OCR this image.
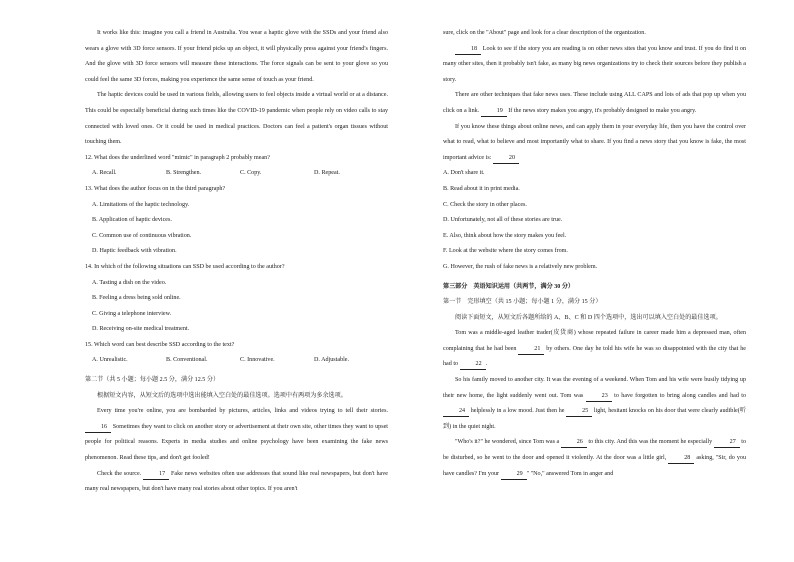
It works like this: imagine you call a friend in Australia. You wear a haptic glove with the SSDs and your friend also wears a glove with 3D force sensors. If your friend picks up an object, it will physically press against your friend's fingers. And the glove with 3D force sensors will measure these interactions. The force signals can be sent to your glove so you could feel the same 3D forces, making you experience the same sense of touch as your friend.

The haptic devices could be used in various fields, allowing users to feel objects inside a virtual world or at a distance. This could be especially beneficial during such times like the COVID-19 pandemic when people rely on video calls to stay connected with loved ones. Or it could be used in medical practices. Doctors can feel a patient's organ tissues without touching them.

12. What does the underlined word "mimic" in paragraph 2 probably mean?

A. Recall.	B. Strengthen.	C. Copy.	D. Repeat.

13. What does the author focus on in the third paragraph?

A. Limitations of the haptic technology.

B. Application of haptic devices.

C. Common use of continuous vibration.

D. Haptic feedback with vibration.

14. In which of the following situations can SSD be used according to the author?

A. Tasting a dish on the video.

B. Feeling a dress being sold online.

C. Giving a telephone interview.

D. Receiving on-site medical treatment.

15. Which word can best describe SSD according to the text?

A. Unrealistic.	B. Conventional.	C. Innovative.	D. Adjustable.

第二节（共 5 小题；每小题 2.5 分，满分 12.5 分）

根据短文内容，从短文后的选项中选出能填入空白处的最佳选项。选项中有两项为多余选项。

Every time you're online, you are bombarded by pictures, articles, links and videos trying to tell their stories. 16 Sometimes they want to click on another story or advertisement at their own site, other times they want to upset people for political reasons. Experts in media studies and online psychology have been examining the fake news phenomenon. Read these tips, and don't get fooled!

Check the source.	17 Fake news websites often use addresses that sound like real newspapers, but don't have many real newspapers, but don't have many real stories about other topics. If you aren't

sure, click on the "About" page and look for a clear description of the organization.

18 Look to see if the story you are reading is on other news sites that you know and trust. If you do find it on many other sites, then it probably isn't fake, as many big news organizations try to check their sources before they publish a story.

There are other techniques that fake news uses. These include using ALL CAPS and lots of ads that pop up when you click on a link.	19 If the news story makes you angry, it's probably designed to make you angry.

If you know these things about online news, and can apply them in your everyday life, then you have the control over what to read, what to believe and most importantly what to share. If you find a news story that you know is fake, the most important advice is:	20

A. Don't share it.

B. Read about it in print media.

C. Check the story in other places.

D. Unfortunately, not all of these stories are true.

E. Also, think about how the story makes you feel.

F. Look at the website where the story comes from.

G. However, the rush of fake news is a relatively new problem.

第三部分　英语知识运用（共两节，满分 30 分）

第一节　完形填空（共 15 小题；每小题 1 分，满分 15 分）

阅读下面短文，从短文后各题所给的 A、B、C 和 D 四个选项中，选出可以填入空白处的最佳选项。

Tom was a middle-aged leather trader(皮货商) whose repeated failure in career made him a depressed man, often complaining that he had been	21 by others. One day he told his wife he was so disappointed with the city that he had to	22 .

So his family moved to another city. It was the evening of a weekend. When Tom and his wife were busily tidying up their new home, the light suddenly went out. Tom was	23 to have forgotten to bring along candles and had to 24 helplessly in a low mood. Just then he	25 light, hesitant knocks on his door that were clearly audible(听到) in the quiet night.

"Who's it?" he wondered, since Tom was a	26 to this city. And this was the moment he especially	27 to be disturbed, so he went to the door and opened it violently. At the door was a little girl,	28 asking, "Sir, do you have candles? I'm your	29 " "No," answered Tom in anger and
